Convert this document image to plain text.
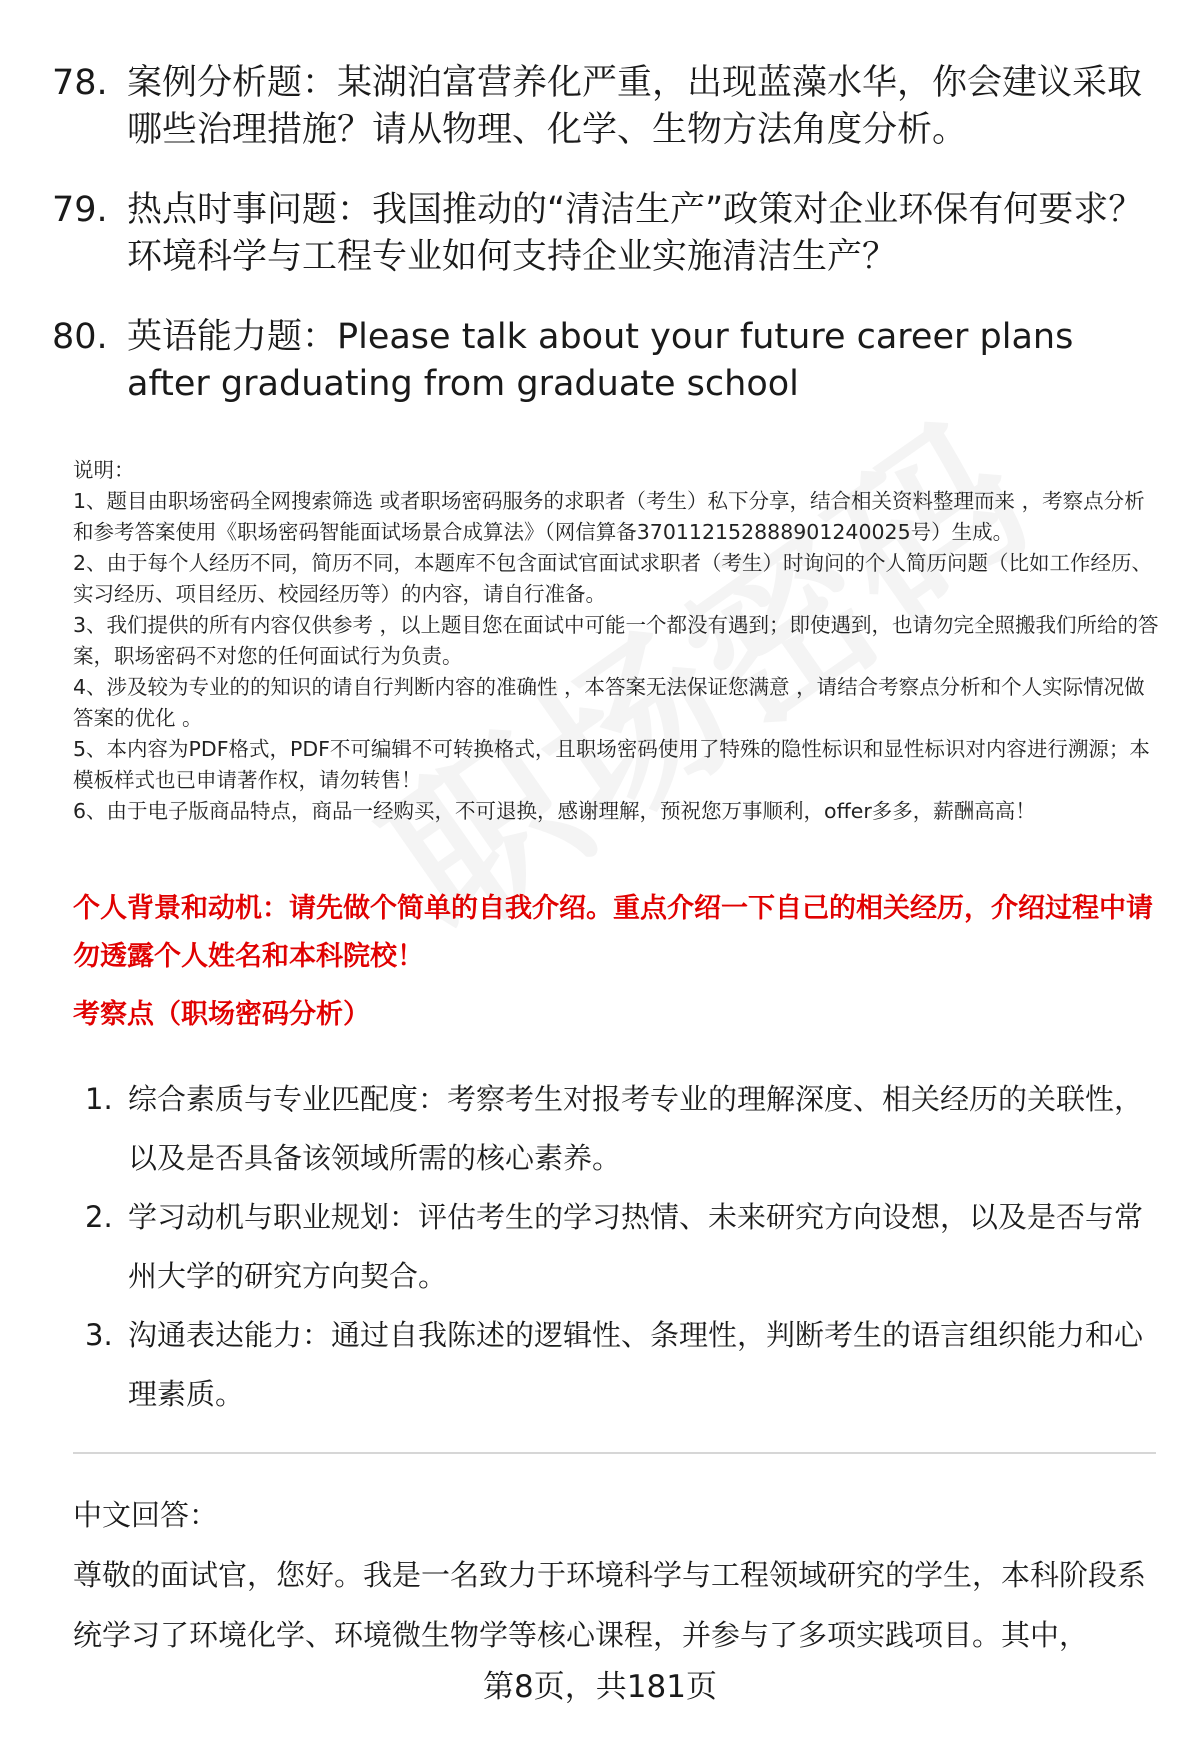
78. 案例分析题：某湖泊富营养化严重，出现蓝藻水华，你会建议采取哪些治理措施？请从物理、化学、生物方法角度分析。
79. 热点时事问题：我国推动的“清洁生产”政策对企业环保有何要求？环境科学与工程专业如何支持企业实施清洁生产？
80. 英语能力题：Please talk about your future career plans after graduating from graduate school
说明：
1、题目由职场密码全网搜索筛选 或者职场密码服务的求职者（考生）私下分享，结合相关资料整理而来 ，考察点分析和参考答案使用《职场密码智能面试场景合成算法》（网信算备370112152888901240025号）生成。
2、由于每个人经历不同，简历不同，本题库不包含面试官面试求职者（考生）时询问的个人简历问题（比如工作经历、实习经历、项目经历、校园经历等）的内容，请自行准备。
3、我们提供的所有内容仅供参考 ，以上题目您在面试中可能一个都没有遇到；即使遇到，也请勿完全照搬我们所给的答案，职场密码不对您的任何面试行为负责。
4、涉及较为专业的的知识的请自行判断内容的准确性 ，本答案无法保证您满意 ，请结合考察点分析和个人实际情况做答案的优化 。
5、本内容为PDF格式，PDF不可编辑不可转换格式，且职场密码使用了特殊的隐性标识和显性标识对内容进行溯源；本模板样式也已申请著作权，请勿转售！
6、由于电子版商品特点，商品一经购买，不可退换，感谢理解，预祝您万事顺利，offer多多，薪酬高高！
个人背景和动机：请先做个简单的自我介绍。重点介绍一下自己的相关经历，介绍过程中请勿透露个人姓名和本科院校！
考察点（职场密码分析）
1. 综合素质与专业匹配度：考察考生对报考专业的理解深度、相关经历的关联性，以及是否具备该领域所需的核心素养。
2. 学习动机与职业规划：评估考生的学习热情、未来研究方向设想，以及是否与常州大学的研究方向契合。
3. 沟通表达能力：通过自我陈述的逻辑性、条理性，判断考生的语言组织能力和心理素质。
中文回答：
尊敬的面试官，您好。我是一名致力于环境科学与工程领域研究的学生，本科阶段系统学习了环境化学、环境微生物学等核心课程，并参与了多项实践项目。其中，
第8页，共181页
